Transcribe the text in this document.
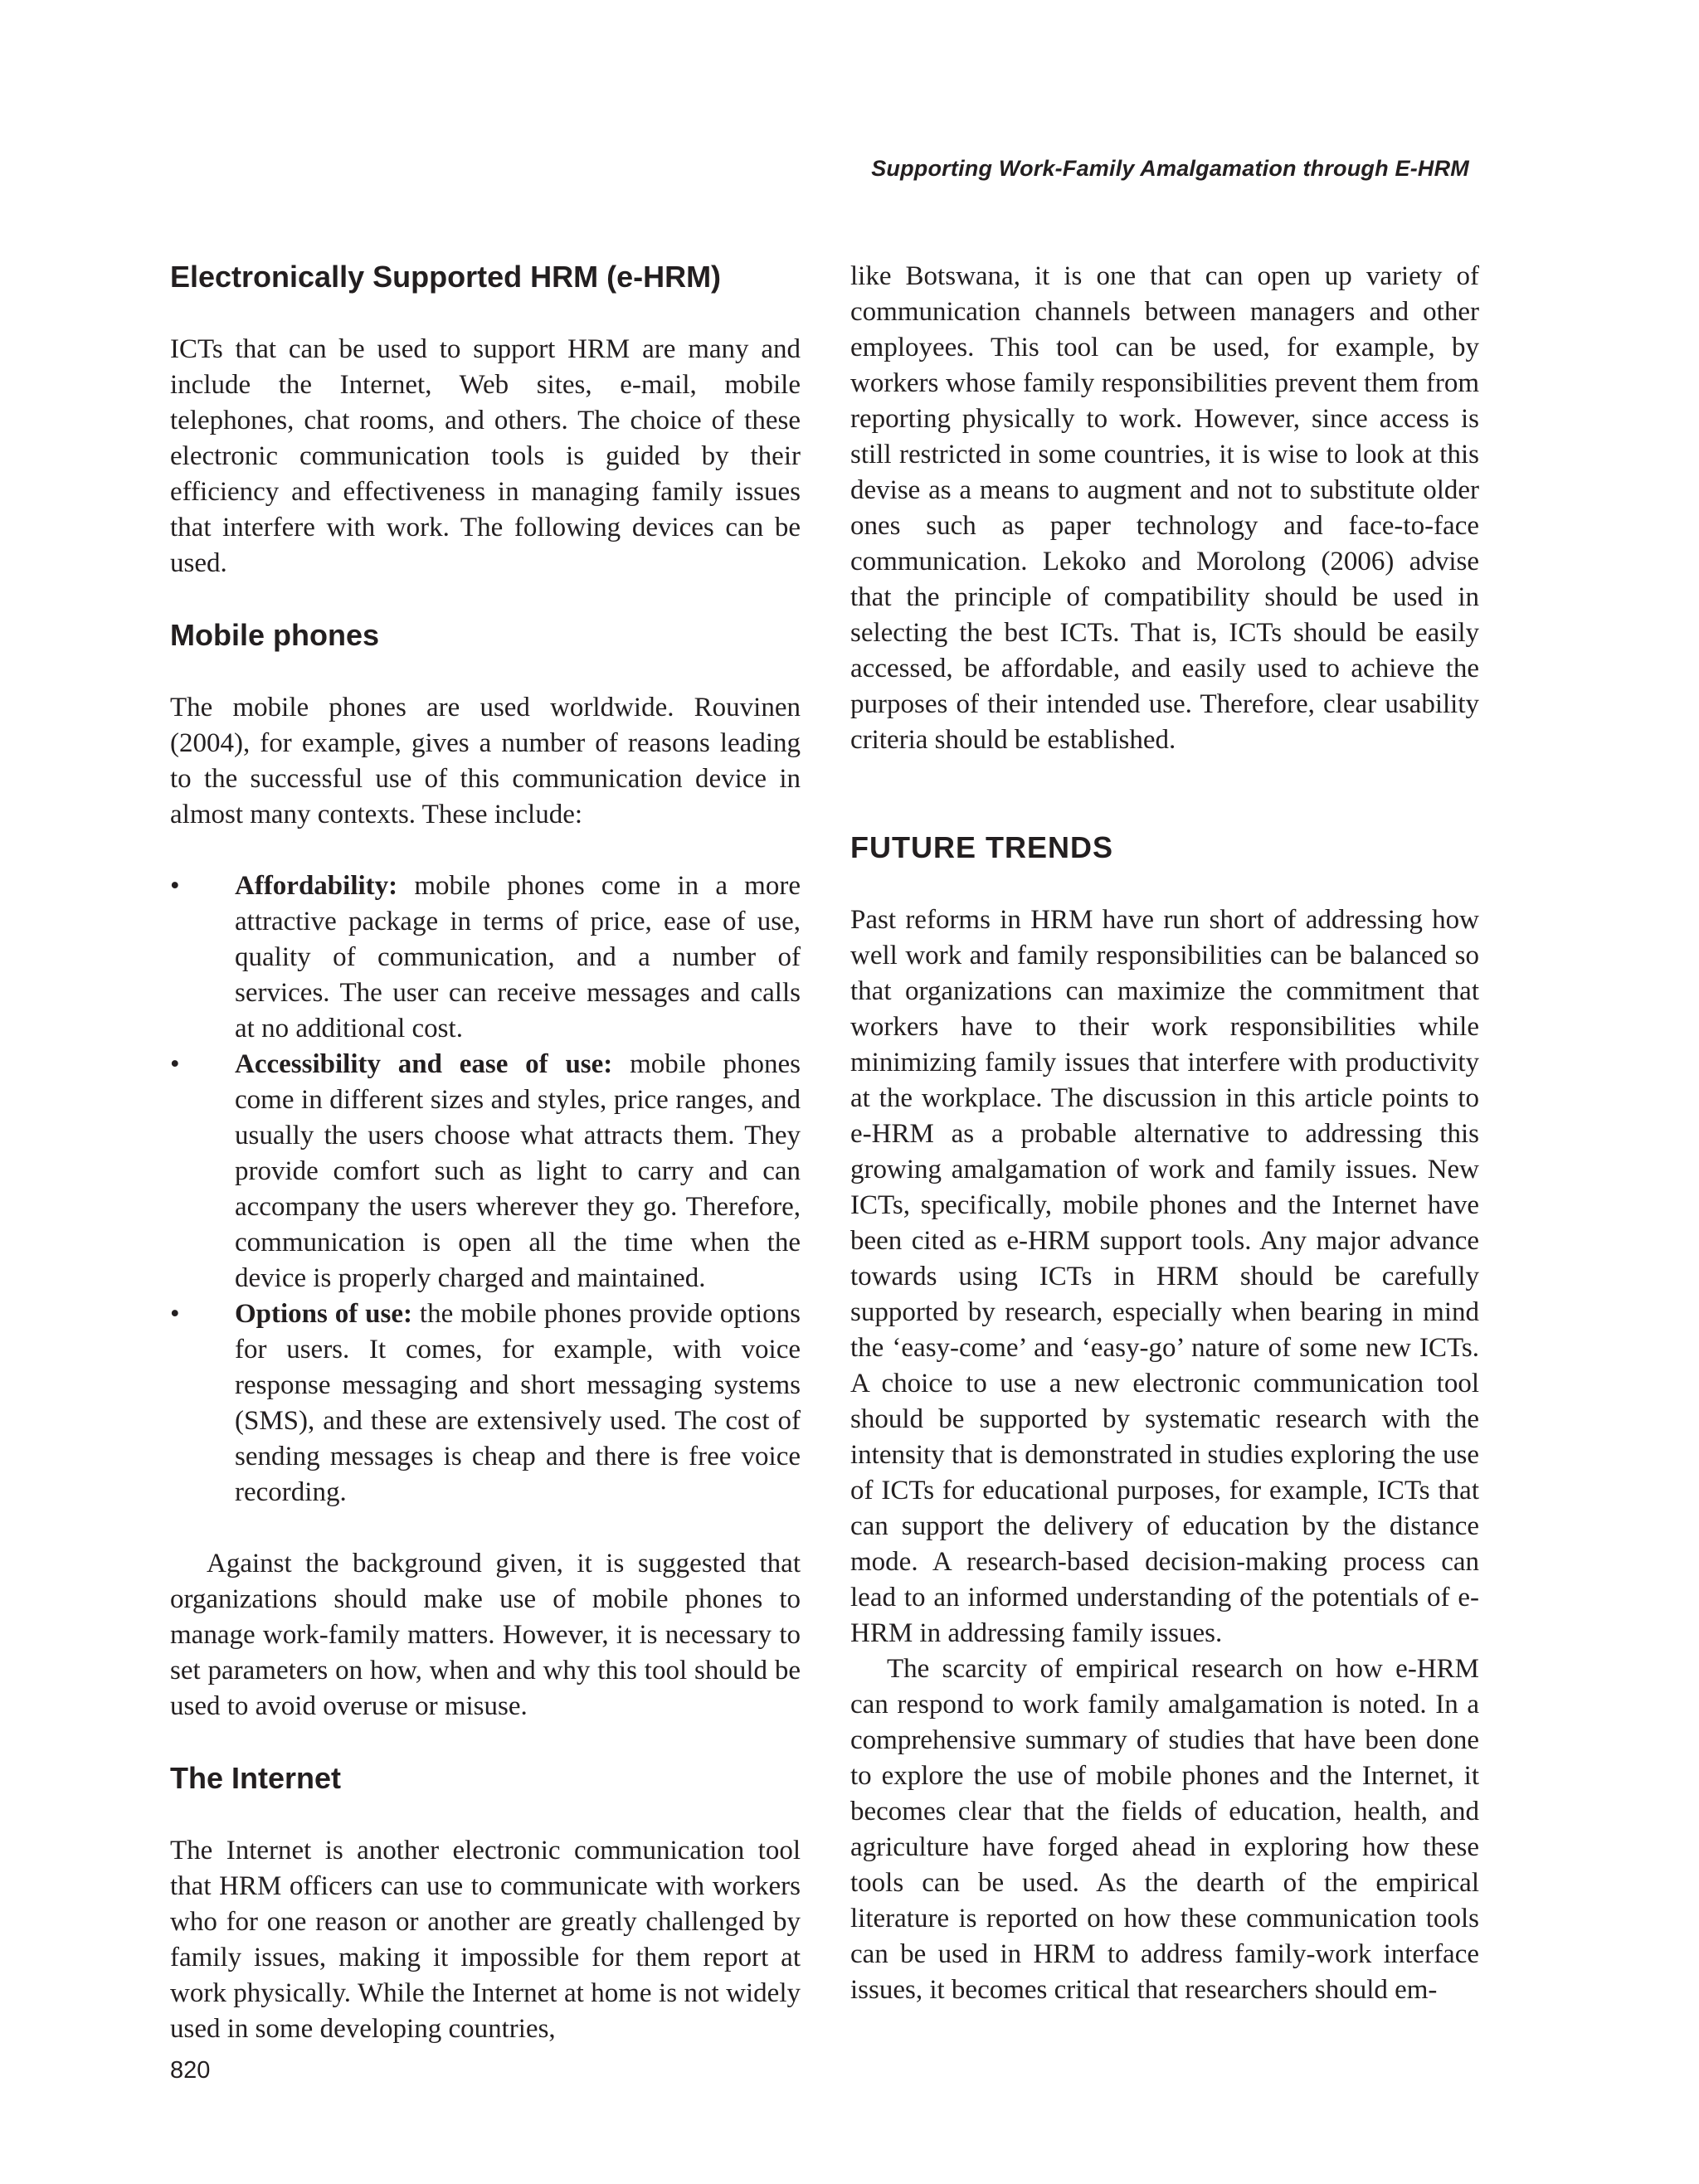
Supporting Work-Family Amalgamation through E-HRM
Electronically Supported HRM (e-HRM)

ICTs that can be used to support HRM are many and include the Internet, Web sites, e-mail, mobile telephones, chat rooms, and others. The choice of these electronic communication tools is guided by their efficiency and effectiveness in managing family issues that interfere with work. The following devices can be used.

Mobile phones

The mobile phones are used worldwide. Rouvinen (2004), for example, gives a number of reasons leading to the successful use of this communication device in almost many contexts. These include:

• Affordability: mobile phones come in a more attractive package in terms of price, ease of use, quality of communication, and a number of services. The user can receive messages and calls at no additional cost.
• Accessibility and ease of use: mobile phones come in different sizes and styles, price ranges, and usually the users choose what attracts them. They provide comfort such as light to carry and can accompany the users wherever they go. Therefore, communication is open all the time when the device is properly charged and maintained.
• Options of use: the mobile phones provide options for users. It comes, for example, with voice response messaging and short messaging systems (SMS), and these are extensively used. The cost of sending messages is cheap and there is free voice recording.

Against the background given, it is suggested that organizations should make use of mobile phones to manage work-family matters. However, it is necessary to set parameters on how, when and why this tool should be used to avoid overuse or misuse.

The Internet

The Internet is another electronic communication tool that HRM officers can use to communicate with workers who for one reason or another are greatly challenged by family issues, making it impossible for them report at work physically. While the Internet at home is not widely used in some developing countries,

like Botswana, it is one that can open up variety of communication channels between managers and other employees. This tool can be used, for example, by workers whose family responsibilities prevent them from reporting physically to work. However, since access is still restricted in some countries, it is wise to look at this devise as a means to augment and not to substitute older ones such as paper technology and face-to-face communication. Lekoko and Morolong (2006) advise that the principle of compatibility should be used in selecting the best ICTs. That is, ICTs should be easily accessed, be affordable, and easily used to achieve the purposes of their intended use. Therefore, clear usability criteria should be established.

FUTURE TRENDS

Past reforms in HRM have run short of addressing how well work and family responsibilities can be balanced so that organizations can maximize the commitment that workers have to their work responsibilities while minimizing family issues that interfere with productivity at the workplace. The discussion in this article points to e-HRM as a probable alternative to addressing this growing amalgamation of work and family issues. New ICTs, specifically, mobile phones and the Internet have been cited as e-HRM support tools. Any major advance towards using ICTs in HRM should be carefully supported by research, especially when bearing in mind the ‘easy-come’ and ‘easy-go’ nature of some new ICTs. A choice to use a new electronic communication tool should be supported by systematic research with the intensity that is demonstrated in studies exploring the use of ICTs for educational purposes, for example, ICTs that can support the delivery of education by the distance mode. A research-based decision-making process can lead to an informed understanding of the potentials of e-HRM in addressing family issues.

The scarcity of empirical research on how e-HRM can respond to work family amalgamation is noted. In a comprehensive summary of studies that have been done to explore the use of mobile phones and the Internet, it becomes clear that the fields of education, health, and agriculture have forged ahead in exploring how these tools can be used. As the dearth of the empirical literature is reported on how these communication tools can be used in HRM to address family-work interface issues, it becomes critical that researchers should em-

820
